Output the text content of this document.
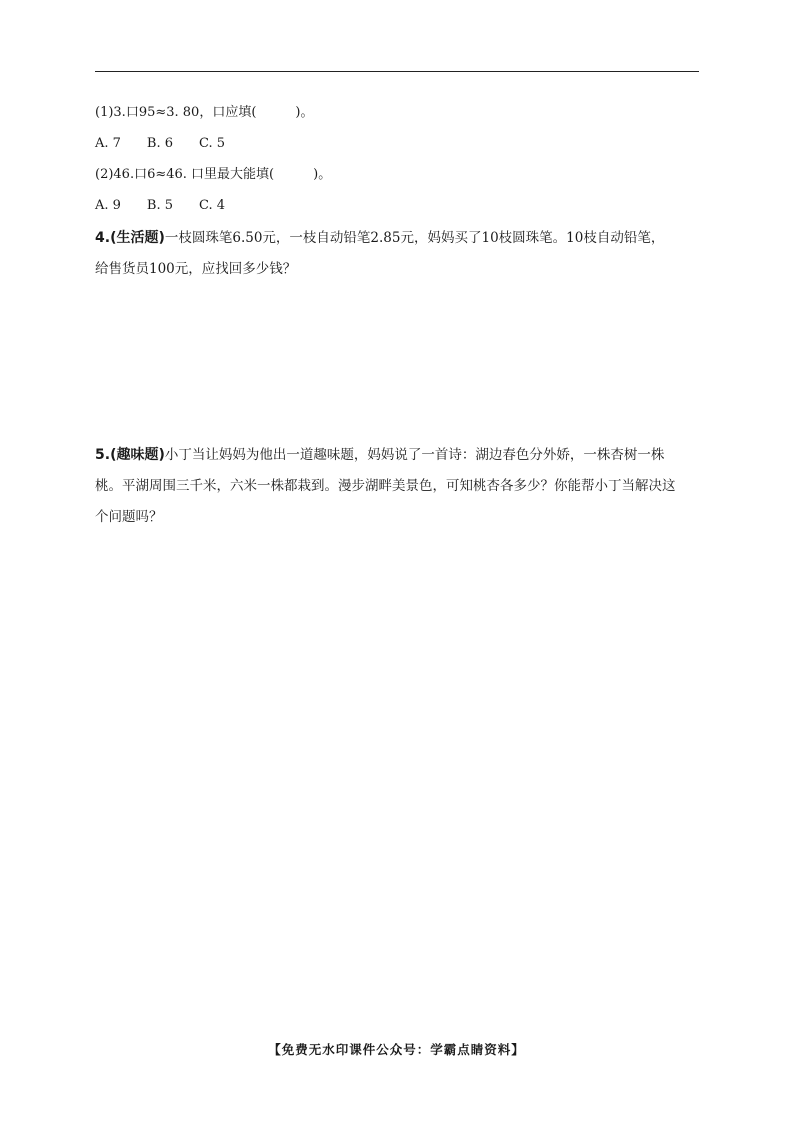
(1)3.口95≈3. 80，口应填(　　　)。
A. 7　　B. 6　　C. 5
(2)46.口6≈46. 口里最大能填(　　　)。
A. 9　　B. 5　　C. 4
4.(生活题)一枝圆珠笔6.50元，一枝自动铅笔2.85元，妈妈买了10枝圆珠笔。10枝自动铅笔，
给售货员100元，应找回多少钱？
5.(趣味题)小丁当让妈妈为他出一道趣味题，妈妈说了一首诗：湖边春色分外娇，一株杏树一株
桃。平湖周围三千米，六米一株都栽到。漫步湖畔美景色，可知桃杏各多少？你能帮小丁当解决这
个问题吗？
【免费无水印课件公众号：学霸点睛资料】
